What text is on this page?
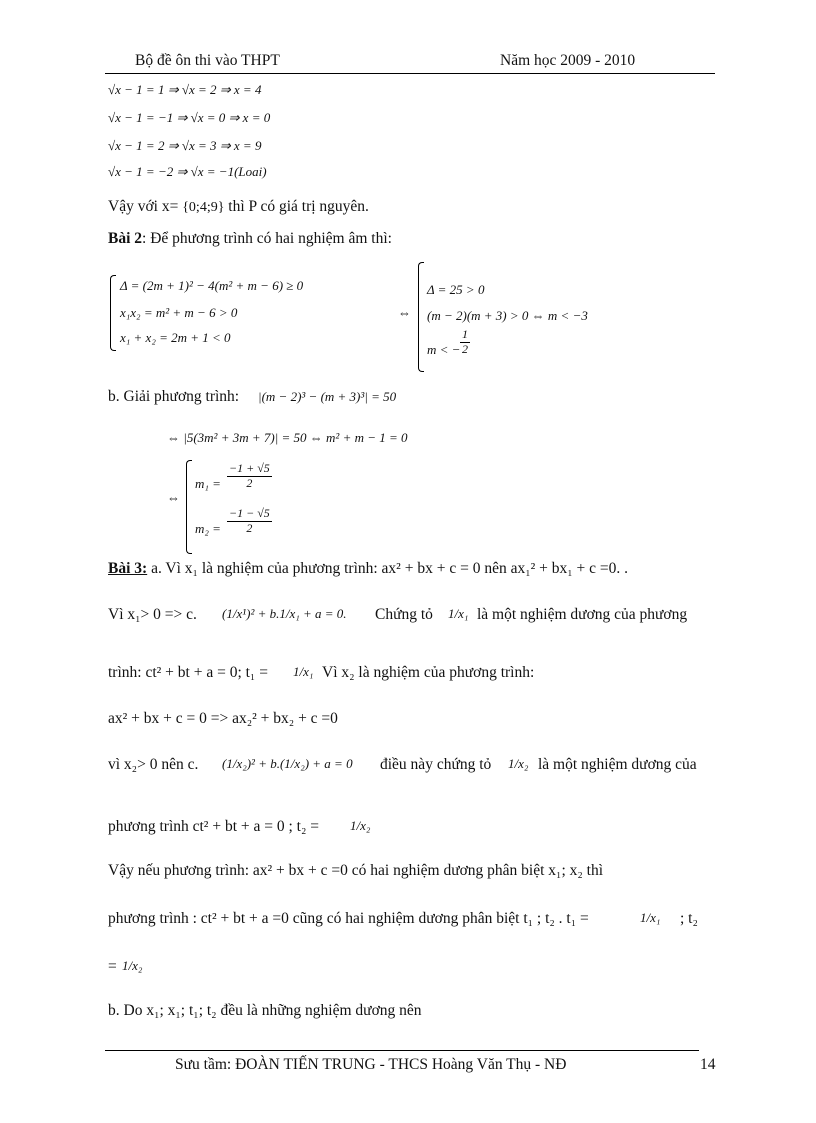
Bộ đề ôn thi vào THPT	Năm học 2009 - 2010
√x − 1 = 1 ⇒ √x = 2 ⇒ x = 4
√x − 1 = −1 ⇒ √x = 0 ⇒ x = 0
√x − 1 = 2 ⇒ √x = 3 ⇒ x = 9
√x − 1 = −2 ⇒ √x = −1(Loai)
Vậy với x= {0;4;9} thì P có giá trị nguyên.
Bài 2: Để phương trình có hai nghiệm âm thì:
Δ = (2m + 1)² − 4(m² + m − 6) ≥ 0
x₁x₂ = m² + m − 6 > 0
x₁ + x₂ = 2m + 1 < 0
⇔
Δ = 25 > 0
(m − 2)(m + 3) > 0 ⇔ m < −3
m < − $\frac{1}{2}$
b. Giải phương trình: |(m − 2)³ − (m + 3)³| = 50
⇔ |5(3m² + 3m + 7)| = 50 ⇔ m² + m − 1 = 0
⇔
$m_1 = \frac{-1 + √5}{2}$
$m_2 = \frac{-1 - √5}{2}$
Bài 3: a. Vì x₁ là nghiệm của phương trình: ax² + bx + c = 0 nên ax₁² + bx₁ + c =0. .
Vì x₁> 0 => c. (1/x¹)² + b.1/x₁ + a = 0. Chứng tỏ 1/x₁ là một nghiệm dương của phương
trình: ct² + bt + a = 0; t₁ = 1/x₁ Vì x₂ là nghiệm của phương trình:
ax² + bx + c = 0 => ax₂² + bx₂ + c =0
vì x₂> 0 nên c. (1/x₂)² + b.(1/x₂) + a = 0 điều này chứng tỏ 1/x₂ là một nghiệm dương của
phương trình ct² + bt + a = 0 ; t₂ = 1/x₂
Vậy nếu phương trình: ax² + bx + c =0 có hai nghiệm dương phân biệt x₁; x₂ thì
phương trình : ct² + bt + a =0 cũng có hai nghiệm dương phân biệt t₁ ; t₂ . t₁ =	1/x₁ ; t₂
= 1/x₂
b. Do x₁; x₁; t₁; t₂ đều là những nghiệm dương nên
Sưu tầm: ĐOÀN TIẾN TRUNG - THCS Hoàng Văn Thụ - NĐ	14
